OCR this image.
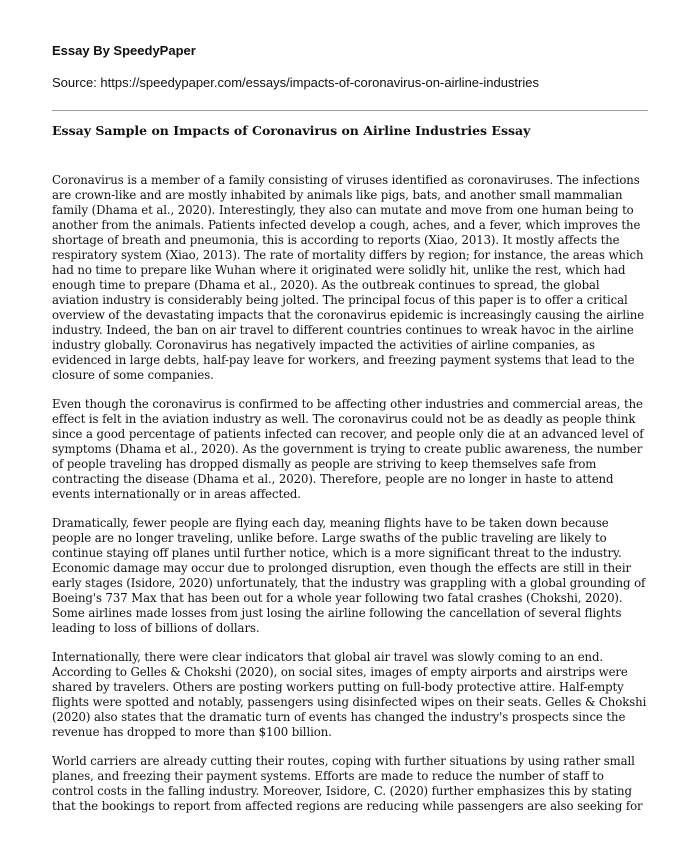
Essay By SpeedyPaper

Source: https://speedypaper.com/essays/impacts-of-coronavirus-on-airline-industries

Essay Sample on Impacts of Coronavirus on Airline Industries Essay

Coronavirus is a member of a family consisting of viruses identified as coronaviruses. The infections are crown-like and are mostly inhabited by animals like pigs, bats, and another small mammalian family (Dhama et al., 2020). Interestingly, they also can mutate and move from one human being to another from the animals. Patients infected develop a cough, aches, and a fever, which improves the shortage of breath and pneumonia, this is according to reports (Xiao, 2013). It mostly affects the respiratory system (Xiao, 2013). The rate of mortality differs by region; for instance, the areas which had no time to prepare like Wuhan where it originated were solidly hit, unlike the rest, which had enough time to prepare (Dhama et al., 2020). As the outbreak continues to spread, the global aviation industry is considerably being jolted. The principal focus of this paper is to offer a critical overview of the devastating impacts that the coronavirus epidemic is increasingly causing the airline industry. Indeed, the ban on air travel to different countries continues to wreak havoc in the airline industry globally. Coronavirus has negatively impacted the activities of airline companies, as evidenced in large debts, half-pay leave for workers, and freezing payment systems that lead to the closure of some companies.

Even though the coronavirus is confirmed to be affecting other industries and commercial areas, the effect is felt in the aviation industry as well. The coronavirus could not be as deadly as people think since a good percentage of patients infected can recover, and people only die at an advanced level of symptoms (Dhama et al., 2020). As the government is trying to create public awareness, the number of people traveling has dropped dismally as people are striving to keep themselves safe from contracting the disease (Dhama et al., 2020). Therefore, people are no longer in haste to attend events internationally or in areas affected.

Dramatically, fewer people are flying each day, meaning flights have to be taken down because people are no longer traveling, unlike before. Large swaths of the public traveling are likely to continue staying off planes until further notice, which is a more significant threat to the industry. Economic damage may occur due to prolonged disruption, even though the effects are still in their early stages (Isidore, 2020) unfortunately, that the industry was grappling with a global grounding of Boeing's 737 Max that has been out for a whole year following two fatal crashes (Chokshi, 2020). Some airlines made losses from just losing the airline following the cancellation of several flights leading to loss of billions of dollars.

Internationally, there were clear indicators that global air travel was slowly coming to an end. According to Gelles & Chokshi (2020), on social sites, images of empty airports and airstrips were shared by travelers. Others are posting workers putting on full-body protective attire. Half-empty flights were spotted and notably, passengers using disinfected wipes on their seats. Gelles & Chokshi (2020) also states that the dramatic turn of events has changed the industry's prospects since the revenue has dropped to more than $100 billion.

World carriers are already cutting their routes, coping with further situations by using rather small planes, and freezing their payment systems. Efforts are made to reduce the number of staff to control costs in the falling industry. Moreover, Isidore, C. (2020) further emphasizes this by stating that the bookings to report from affected regions are reducing while passengers are also seeking for
